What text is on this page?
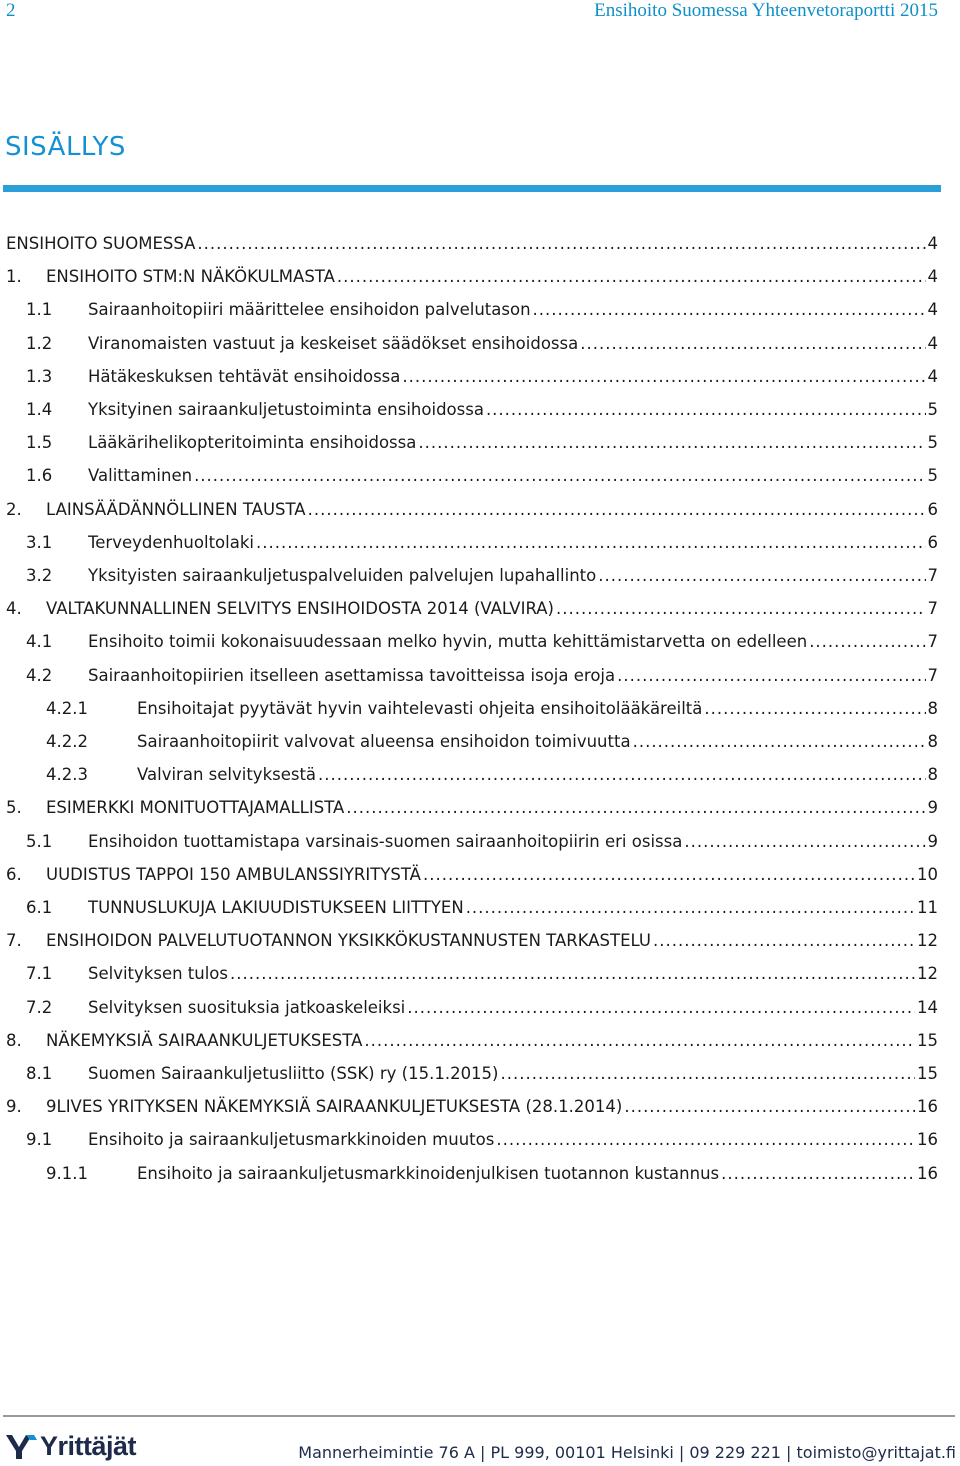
2	Ensihoito Suomessa Yhteenvetoraportti 2015
SISÄLLYS
ENSIHOITO SUOMESSA .....	4
1. ENSIHOITO STM:N NÄKÖKULMASTA .....	4
1.1 Sairaanhoitopiiri määrittelee ensihoidon palvelutason .....	4
1.2 Viranomaisten vastuut ja keskeiset säädökset ensihoidossa .....	4
1.3 Hätäkeskuksen tehtävät ensihoidossa .....	4
1.4 Yksityinen sairaankuljetustoiminta ensihoidossa .....	5
1.5 Lääkärihelikopteritoiminta ensihoidossa .....	5
1.6 Valittaminen .....	5
2. LAINSÄÄDÄNNÖLLINEN TAUSTA .....	6
3.1 Terveydenhuoltolaki .....	6
3.2 Yksityisten sairaankuljetuspalveluiden palvelujen lupahallinto .....	7
4. VALTAKUNNALLINEN SELVITYS ENSIHOIDOSTA 2014 (VALVIRA) .....	7
4.1 Ensihoito toimii kokonaisuudessaan melko hyvin, mutta kehittämistarvetta on edelleen .....	7
4.2 Sairaanhoitopiirien itselleen asettamissa tavoitteissa isoja eroja .....	7
4.2.1	Ensihoitajat pyytävät hyvin vaihtelevasti ohjeita ensihoitolääkäreiltä .....	8
4.2.2	Sairaanhoitopiirit valvovat alueensa ensihoidon toimivuutta .....	8
4.2.3	Valviran selvityksestä .....	8
5. ESIMERKKI MONITUOTTAJAMALLISTA .....	9
5.1 Ensihoidon tuottamistapa varsinais-suomen sairaanhoitopiirin eri osissa .....	9
6. UUDISTUS TAPPOI 150 AMBULANSSIYRITYSTÄ .....	10
6.1 TUNNUSLUKUJA LAKIUUDISTUKSEEN LIITTYEN .....	11
7. ENSIHOIDON PALVELUTUOTANNON YKSIKKÖKUSTANNUSTEN TARKASTELU .....	12
7.1 Selvityksen tulos .....	12
7.2 Selvityksen suosituksia jatkoaskeleiksi .....	14
8. NÄKEMYKSIÄ SAIRAANKULJETUKSESTA .....	15
8.1 Suomen Sairaankuljetusliitto (SSK) ry (15.1.2015) .....	15
9. 9LIVES YRITYKSEN NÄKEMYKSIÄ SAIRAANKULJETUKSESTA (28.1.2014) .....	16
9.1 Ensihoito ja sairaankuljetusmarkkinoiden muutos .....	16
9.1.1	Ensihoito ja sairaankuljetusmarkkinoidenjulkisen tuotannon kustannus .....	16
Yrittäjät	Mannerheimintie 76 A | PL 999, 00101 Helsinki | 09 229 221 | toimisto@yrittajat.fi
